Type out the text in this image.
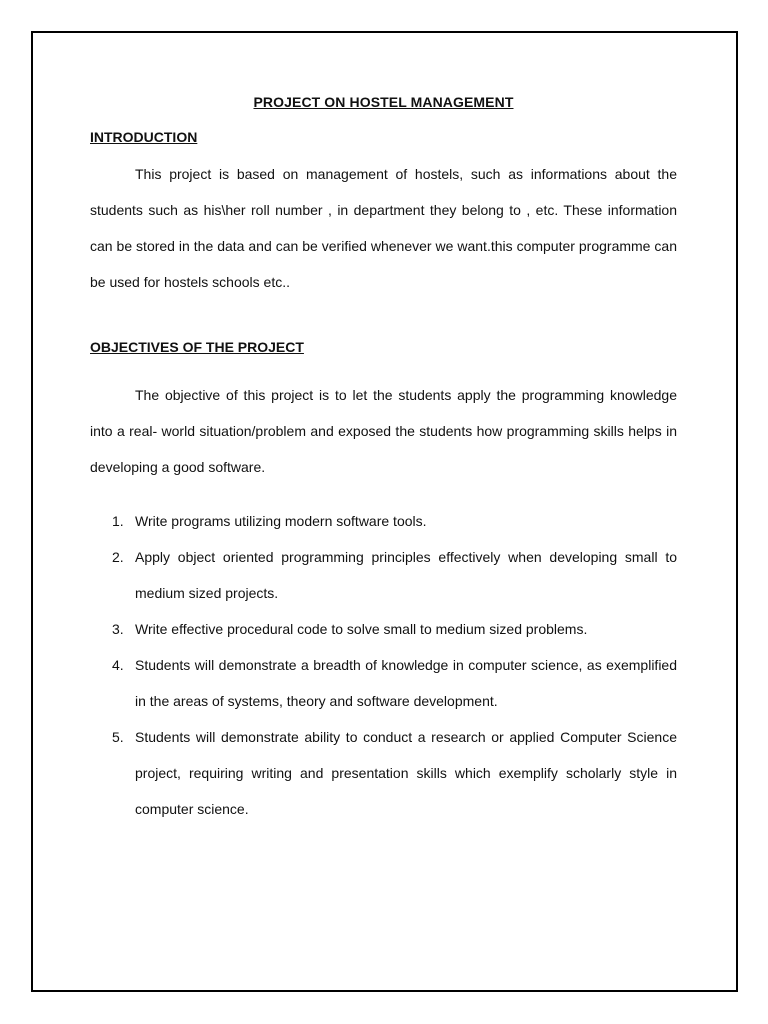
PROJECT ON HOSTEL MANAGEMENT
INTRODUCTION

This project is based on management of hostels, such as informations about the students such as his\her roll number , in department they belong to , etc. These information can be stored in the data and can be verified whenever we want.this computer programme can be used for hostels schools etc..

OBJECTIVES OF THE PROJECT

The objective of this project is to let the students apply the programming knowledge into a real- world situation/problem and exposed the students how programming skills helps in developing a good software.

1. Write programs utilizing modern software tools.
2. Apply object oriented programming principles effectively when developing small to medium sized projects.
3. Write effective procedural code to solve small to medium sized problems.
4. Students will demonstrate a breadth of knowledge in computer science, as exemplified in the areas of systems, theory and software development.
5. Students will demonstrate ability to conduct a research or applied Computer Science project, requiring writing and presentation skills which exemplify scholarly style in computer science.
